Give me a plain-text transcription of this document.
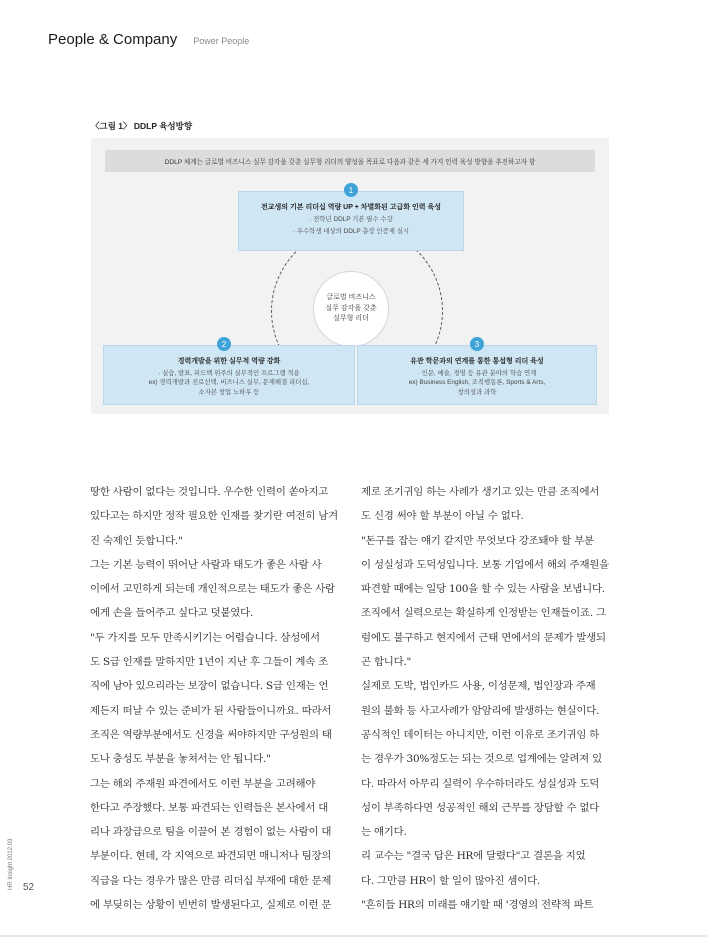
People & Company Power People
〈그림 1〉 DDLP 육성방향
DDLP 체계는 글로벌 비즈니스 실무 감각을 갖춘 실무형 리더의 양성을 목표로 다음과 같은 세 가지 인력 육성 방향을 추진하고자 함
글로벌 비즈니스
실무 감각을 갖춘
실무형 리더
전교생의 기본 리더십 역량 UP + 차별화된 고급화 인력 육성
· 전학년 DDLP 기본 필수 수강
· 우수학생 대상의 DDLP 총장 인증제 실시
1
경력개발을 위한 실무적 역량 강화
· 실습, 발표, 피드백 위주의 실무적인 프로그램 적용
ex) 경력개발과 진로선택, 비즈니스 실무, 문제해결 리더십,
소자본 창업 노하우 등
2
유관 학문과의 연계를 통한 통섭형 리더 육성
· 인문, 예술, 경영 등 유관 분야의 학습 연계
ex) Business English, 조직행동론, Sports & Arts,
창의성과 과학
3

땅한 사람이 없다는 것입니다. 우수한 인력이 쏟아지고

있다고는 하지만 정작 필요한 인재를 찾기란 여전히 남겨

진 숙제인 듯합니다."

그는 기본 능력이 뛰어난 사람과 태도가 좋은 사람 사

이에서 고민하게 되는데 개인적으로는 태도가 좋은 사람

에게 손을 들어주고 싶다고 덧붙였다.

"두 가지를 모두 만족시키기는 어렵습니다. 삼성에서

도 S급 인재를 말하지만 1년이 지난 후 그들이 계속 조

직에 남아 있으리라는 보장이 없습니다. S급 인재는 언

제든지 떠날 수 있는 준비가 된 사람들이니까요. 따라서

조직은 역량부분에서도 신경을 써야하지만 구성원의 태

도나 충성도 부분을 놓쳐서는 안 됩니다."

그는 해외 주재원 파견에서도 이런 부분을 고려해야

한다고 주장했다. 보통 파견되는 인력들은 본사에서 대

리나 과장급으로 팀을 이끌어 본 경험이 없는 사람이 대

부분이다. 현데, 각 지역으로 파견되면 매니저나 팀장의

직급을 다는 경우가 많은 만큼 리더십 부재에 대한 문제

에 부딪히는 상황이 빈번히 발생된다고, 실제로 이런 문

제로 조기귀임 하는 사례가 생기고 있는 만큼 조직에서

도 신경 써야 할 부분이 아닐 수 없다.

"돈구를 잡는 얘기 같지만 무엇보다 강조돼야 할 부분

이 성실성과 도덕성입니다. 보통 기업에서 해외 주재원을

파견할 때에는 일당 100을 할 수 있는 사람을 보냅니다.

조직에서 실력으로는 확실하게 인정받는 인재들이죠. 그

럼에도 불구하고 현지에서 근태 면에서의 문제가 발생되

곤 합니다."

실제로 도박, 법인카드 사용, 이성문제, 법인장과 주재

원의 불화 등 사고사례가 암암리에 발생하는 현실이다.

공식적인 데이터는 아니지만, 이런 이유로 조기귀임 하

는 경우가 30%정도는 되는 것으로 업계에는 알려져 있

다. 따라서 아무리 실력이 우수하더라도 성실성과 도덕

성이 부족하다면 성공적인 해외 근무를 장담할 수 없다

는 얘기다.

리 교수는 "결국 답은 HR에 달렸다"고 결론을 지었

다. 그만큼 HR이 할 일이 많아진 셈이다.

"흔히들 HR의 미래를 얘기할 때 '경영의 전략적 파트

HR Insight 2012.03 52
